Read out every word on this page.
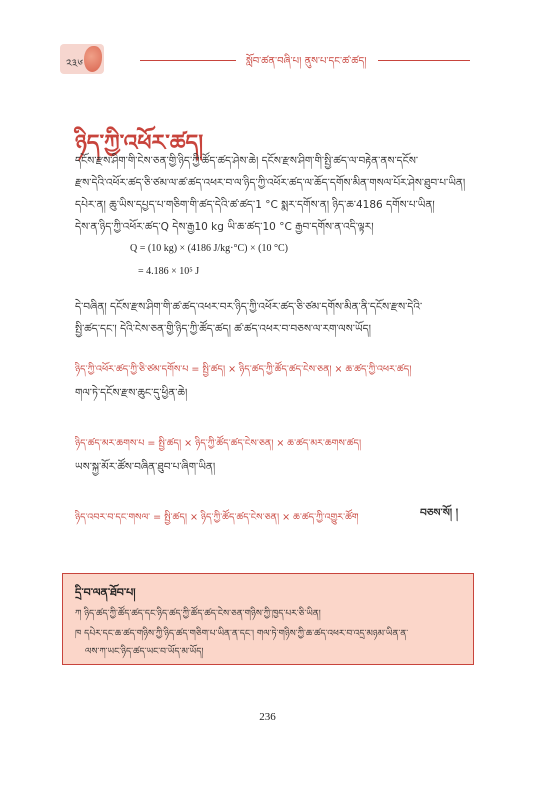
༢༣༦	སློབ་ཚན་བཞི་པ། ནུས་པ་དང་ཚ་ཚད།
ཉིད་ཀྱི་འཕོར་ཚད།
དངོས་རྫས་ཤིག་གི་ངེས་ཅན་གྱི་ཉིད་ཀྱི་ཚོད་ཚད་ཤེས་ཆེ། དངོས་རྫས་ཤིག་གི་སྤྱི་ཚད་ལ་བརྟེན་ནས་དངོས་
རྫས་དེའི་འཕོར་ཚད་ཅི་ཙམ་ལ་ཚ་ཚད་འཕར་བ་ལ་ཉིད་ཀྱི་འཕོར་ཚད་ལ་ཆོད་དགོས་མིན་གསལ་པོར་ཤེས་ཐུབ་པ་ཡིན།
དཔེར་ན། ཆུ་ཡིས་དཔྱད་པ་གཅིག་གི་ཚད་དེའི་ཚ་ཚད་1 °C སྨར་དགོས་ན། ཉིད་ཆ་4186 དགོས་པ་ཡིན།
དེས་ན་ཉིད་ཀྱི་འཕོར་ཚད་Q དེས་རྒྱ10 kg ཡི་ཆ་ཚད་10 °C རྒྱབ་དགོས་ན་འདི་ལྟར།
Q = (10 kg) × (4186 J/kg·°C) × (10 °C)
= 4.186 × 10⁵ J
དེ་བཞིན། དངོས་རྫས་ཤིག་གི་ཚ་ཚད་འཕར་བར་ཉིད་ཀྱི་འཕོར་ཚད་ཅི་ཙམ་དགོས་མིན་ནི་དངོས་རྫས་དེའི་
སྤྱི་ཚད་དང་། དེའི་ངེས་ཅན་གྱི་ཉིད་ཀྱི་ཚོད་ཚད། ཚ་ཚད་འཕར་བ་བཅས་ལ་རག་ལས་ཡོད།
ཉིད་ཀྱི་འཕོར་ཚད་ཀྱི་ཅི་ཙམ་དགོས་པ = སྤྱི་ཚད། × ཉིད་ཚད་ཀྱི་ཚོད་ཚད་ངེས་ཅན། × ཆ་ཚད་ཀྱི་འཕར་ཚད།
གལ་ཏེ་དངོས་རྫས་ཆུང་དུ་ཕྱིན་ཆེ།
ཉིད་ཚད་མར་ཆགས་པ = སྤྱི་ཚད། × ཉིད་ཀྱི་ཚོད་ཚད་ངེས་ཅན། × ཆ་ཚད་མར་ཆགས་ཚད།
ཡས་སྐྱ་མོར་ཚོས་བཞིན་ཐུབ་པ་ཞིག་ཡིན།
ཉིད་འབར་བ་དང་གསལ་ = སྤྱི་ཚད། × ཉིད་ཀྱི་ཚོད་ཚད་ངེས་ཅན། × ཆ་ཚད་ཀྱི་འགྱུར་ཚོག	བཅས་སོ། །
དྲི་བ་ལན་ཐོབ་པ།
ཀ ཉིད་ཚད་ཀྱི་ཚོད་ཚད་དང་ཉིད་ཚད་ཀྱི་ཚོད་ཚད་ངེས་ཅན་གཉིས་ཀྱི་ཁྱད་པར་ཅི་ཡིན།
ཁ དཔེར་དང་ཆ་ཚད་གཉིས་ཀྱི་ཉིད་ཚད་གཅིག་པ་ཡིན་ན་དང་། གལ་ཏེ་གཉིས་ཀྱི་ཆ་ཚད་འཕར་བ་འདྲ་མཉམ་ཡིན་ན་
ལས་ཀ་ཡང་ཉིད་ཚད་ཡང་བ་ཡོད་མ་ཡོད།
236
